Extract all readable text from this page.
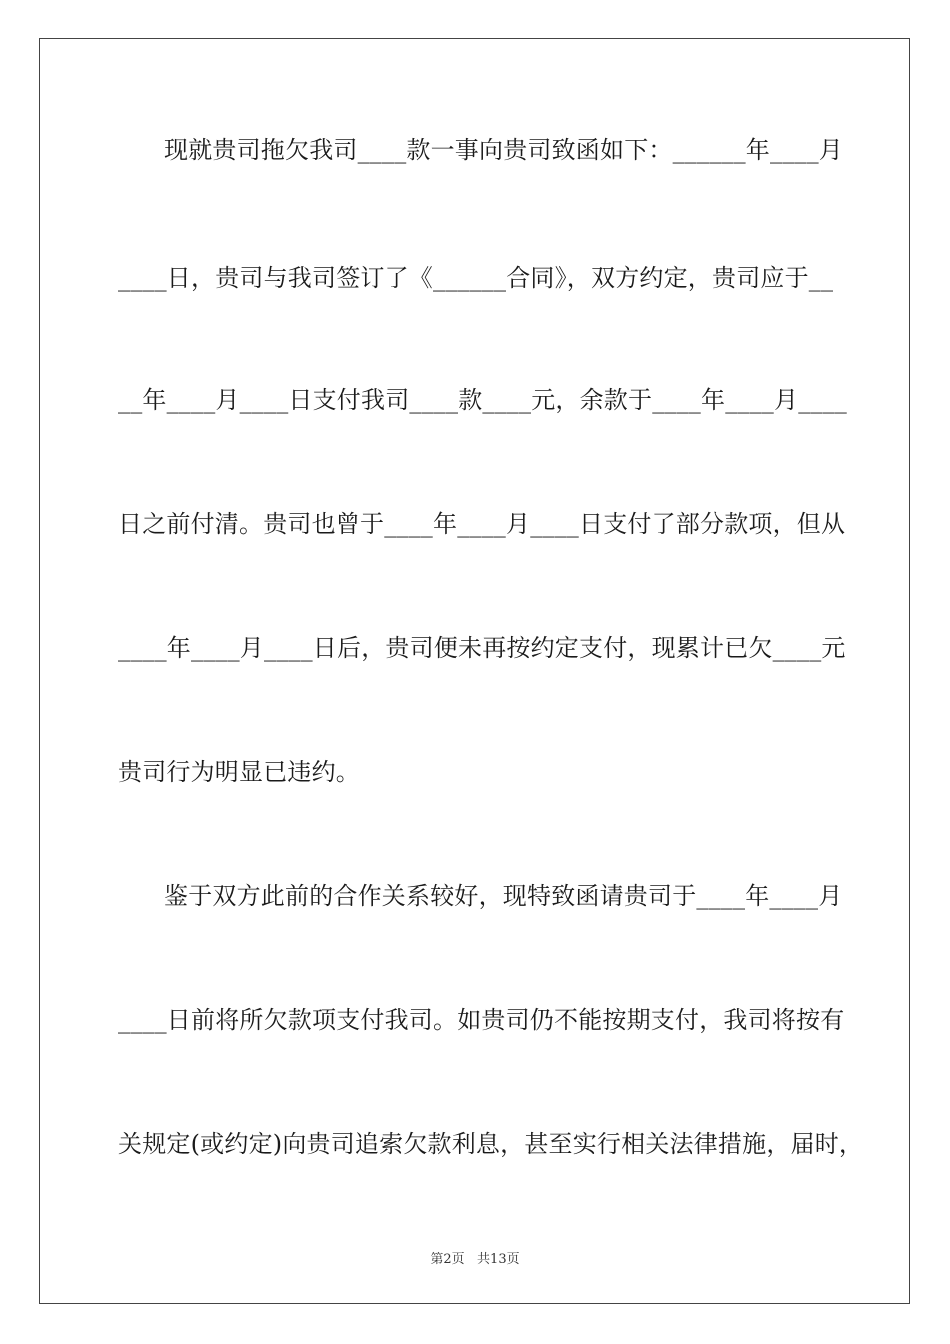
现就贵司拖欠我司____款一事向贵司致函如下：______年____月
____日，贵司与我司签订了《______合同》，双方约定，贵司应于__
__年____月____日支付我司____款____元，余款于____年____月____
日之前付清。贵司也曾于____年____月____日支付了部分款项，但从
____年____月____日后，贵司便未再按约定支付，现累计已欠____元
贵司行为明显已违约。
鉴于双方此前的合作关系较好，现特致函请贵司于____年____月
____日前将所欠款项支付我司。如贵司仍不能按期支付，我司将按有
关规定(或约定)向贵司追索欠款利息，甚至实行相关法律措施，届时，
第2页   共13页
